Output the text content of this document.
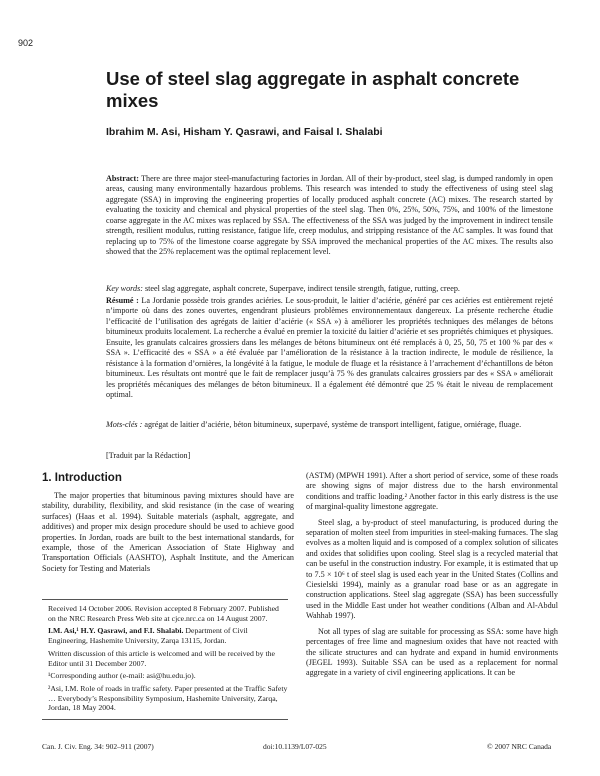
902
Use of steel slag aggregate in asphalt concrete mixes
Ibrahim M. Asi, Hisham Y. Qasrawi, and Faisal I. Shalabi

Abstract: There are three major steel-manufacturing factories in Jordan. All of their by-product, steel slag, is dumped randomly in open areas, causing many environmentally hazardous problems. This research was intended to study the effectiveness of using steel slag aggregate (SSA) in improving the engineering properties of locally produced asphalt concrete (AC) mixes. The research started by evaluating the toxicity and chemical and physical properties of the steel slag. Then 0%, 25%, 50%, 75%, and 100% of the limestone coarse aggregate in the AC mixes was replaced by SSA. The effectiveness of the SSA was judged by the improvement in indirect tensile strength, resilient modulus, rutting resistance, fatigue life, creep modulus, and stripping resistance of the AC samples. It was found that replacing up to 75% of the limestone coarse aggregate by SSA improved the mechanical properties of the AC mixes. The results also showed that the 25% replacement was the optimal replacement level.

Key words: steel slag aggregate, asphalt concrete, Superpave, indirect tensile strength, fatigue, rutting, creep.

Résumé : La Jordanie possède trois grandes aciéries. Le sous-produit, le laitier d’aciérie, généré par ces aciéries est entièrement rejeté n’importe où dans des zones ouvertes, engendrant plusieurs problèmes environnementaux dangereux. La présente recherche étudie l’efficacité de l’utilisation des agrégats de laitier d’aciérie (« SSA ») à améliorer les propriétés techniques des mélanges de bétons bitumineux produits localement. La recherche a évalué en premier la toxicité du laitier d’aciérie et ses propriétés chimiques et physiques. Ensuite, les granulats calcaires grossiers dans les mélanges de bétons bitumineux ont été remplacés à 0, 25, 50, 75 et 100 % par des « SSA ». L’efficacité des « SSA » a été évaluée par l’amélioration de la résistance à la traction indirecte, le module de résilience, la résistance à la formation d’ornières, la longévité à la fatigue, le module de fluage et la résistance à l’arrachement d’échantillons de béton bitumineux. Les résultats ont montré que le fait de remplacer jusqu’à 75 % des granulats calcaires grossiers par des « SSA » améliorait les propriétés mécaniques des mélanges de béton bitumineux. Il a également été démontré que 25 % était le niveau de remplacement optimal.

Mots-clés : agrégat de laitier d’aciérie, béton bitumineux, superpavé, système de transport intelligent, fatigue, orniérage, fluage.

[Traduit par la Rédaction]
1. Introduction

The major properties that bituminous paving mixtures should have are stability, durability, flexibility, and skid resistance (in the case of wearing surfaces) (Haas et al. 1994). Suitable materials (asphalt, aggregate, and additives) and proper mix design procedure should be used to achieve good properties. In Jordan, roads are built to the best international standards, for example, those of the American Association of State Highway and Transportation Officials (AASHTO), Asphalt Institute, and the American Society for Testing and Materials

Received 14 October 2006. Revision accepted 8 February 2007. Published on the NRC Research Press Web site at cjce.nrc.ca on 14 August 2007.

I.M. Asi,¹ H.Y. Qasrawi, and F.I. Shalabi. Department of Civil Engineering, Hashemite University, Zarqa 13115, Jordan.

Written discussion of this article is welcomed and will be received by the Editor until 31 December 2007.

¹Corresponding author (e-mail: asi@hu.edu.jo).

²Asi, I.M. Role of roads in traffic safety. Paper presented at the Traffic Safety … Everybody’s Responsibility Symposium, Hashemite University, Zarqa, Jordan, 18 May 2004.

(ASTM) (MPWH 1991). After a short period of service, some of these roads are showing signs of major distress due to the harsh environmental conditions and traffic loading.² Another factor in this early distress is the use of marginal-quality limestone aggregate.

Steel slag, a by-product of steel manufacturing, is produced during the separation of molten steel from impurities in steel-making furnaces. The slag evolves as a molten liquid and is composed of a complex solution of silicates and oxides that solidifies upon cooling. Steel slag is a recycled material that can be useful in the construction industry. For example, it is estimated that up to 7.5 × 10⁶ t of steel slag is used each year in the United States (Collins and Ciesielski 1994), mainly as a granular road base or as an aggregate in construction applications. Steel slag aggregate (SSA) has been successfully used in the Middle East under hot weather conditions (Alban and Al-Abdul Wahhab 1997).

Not all types of slag are suitable for processing as SSA: some have high percentages of free lime and magnesium oxides that have not reacted with the silicate structures and can hydrate and expand in humid environments (JEGEL 1993). Suitable SSA can be used as a replacement for normal aggregate in a variety of civil engineering applications. It can be

Can. J. Civ. Eng. 34: 902–911 (2007)	doi:10.1139/L07-025	© 2007 NRC Canada
